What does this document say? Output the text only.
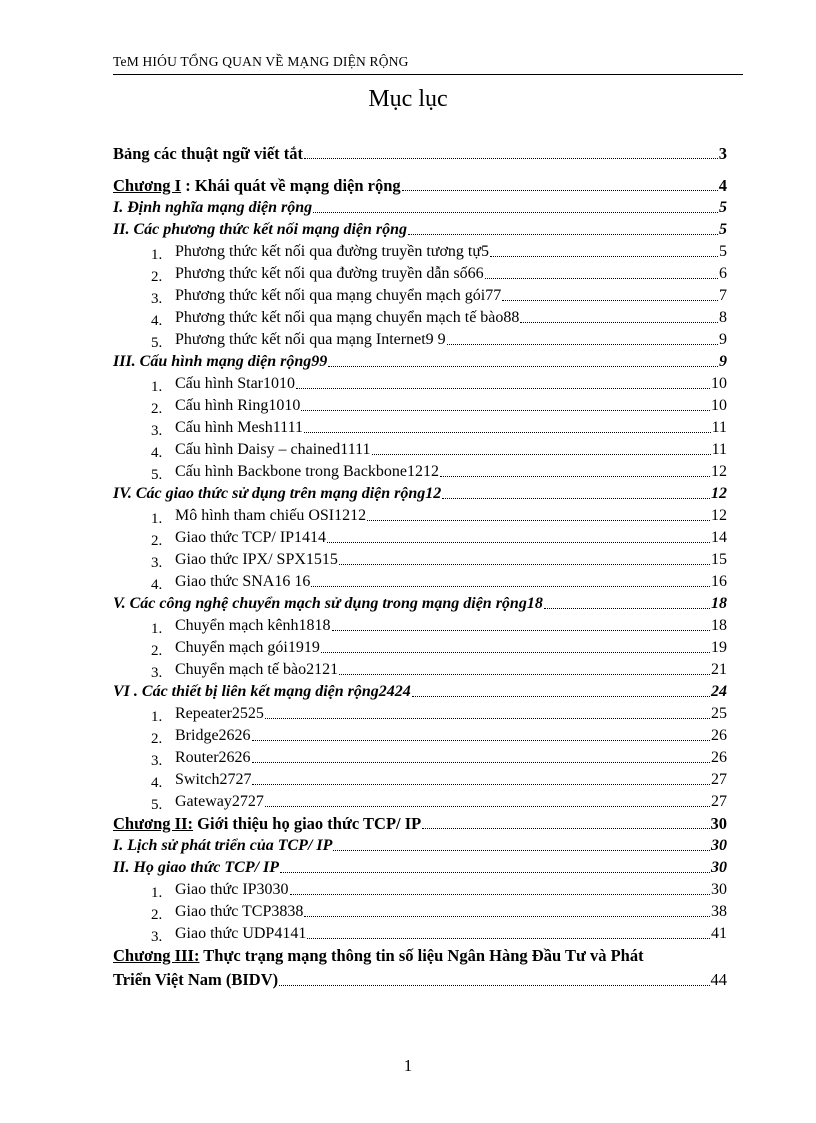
TeM HIÓU TỔNG QUAN VỀ MẠNG DIỆN RỘNG
Mục lục
Bảng các thuật ngữ viết tắt	3
Chương I : Khái quát về mạng diện rộng	4
I. Định nghĩa mạng diện rộng	5
II. Các phương thức kết nối mạng diện rộng	5
1. Phương thức kết nối qua đường truyền tương tự5	5
2. Phương thức kết nối qua đường truyền dẫn số66	6
3. Phương thức kết nối qua mạng chuyển mạch gói77	7
4. Phương thức kết nối qua mạng chuyển mạch tế bào88	8
5. Phương thức kết nối qua mạng Internet9 9	9
III. Cấu hình mạng diện rộng99	9
1. Cấu hình Star1010	10
2. Cấu hình Ring1010	10
3. Cấu hình Mesh1111	11
4. Cấu hình Daisy – chained1111	11
5. Cấu hình Backbone trong Backbone1212	12
IV. Các giao thức sử dụng trên mạng diện rộng12	12
1. Mô hình tham chiếu OSI1212	12
2. Giao thức TCP/ IP1414	14
3. Giao thức IPX/ SPX1515	15
4. Giao thức SNA16 16	16
V. Các công nghệ chuyển mạch sử dụng trong mạng diện rộng18	18
1. Chuyển mạch kênh1818	18
2. Chuyển mạch gói1919	19
3. Chuyển mạch tế bào2121	21
VI . Các thiết bị liên kết mạng diện rộng2424	24
1. Repeater2525	25
2. Bridge2626	26
3. Router2626	26
4. Switch2727	27
5. Gateway2727	27
Chương II: Giới thiệu họ giao thức TCP/ IP	30
I. Lịch sử phát triển của TCP/ IP	30
II. Họ giao thức TCP/ IP	30
1. Giao thức IP3030	30
2. Giao thức TCP3838	38
3. Giao thức UDP4141	41
Chương III: Thực trạng mạng thông tin số liệu Ngân Hàng Đầu Tư và Phát
Triển Việt Nam (BIDV)	44
1
